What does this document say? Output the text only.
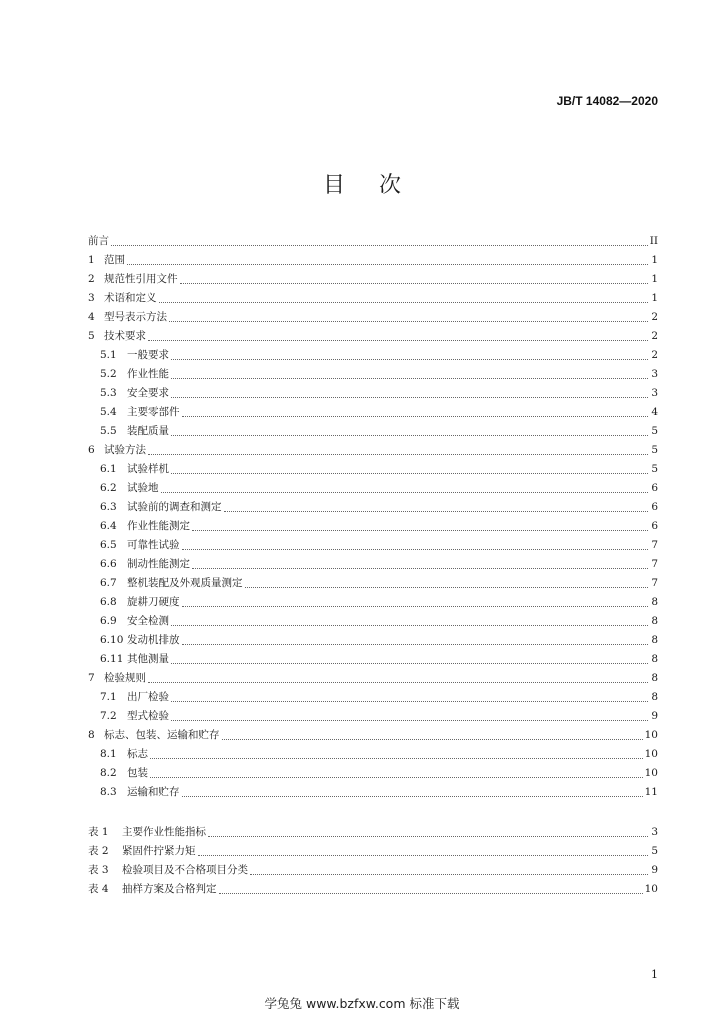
JB/T 14082—2020
目 次
前言	II
1 范围	1
2 规范性引用文件	1
3 术语和定义	1
4 型号表示方法	2
5 技术要求	2
5.1 一般要求	2
5.2 作业性能	3
5.3 安全要求	3
5.4 主要零部件	4
5.5 装配质量	5
6 试验方法	5
6.1 试验样机	5
6.2 试验地	6
6.3 试验前的调查和测定	6
6.4 作业性能测定	6
6.5 可靠性试验	7
6.6 制动性能测定	7
6.7 整机装配及外观质量测定	7
6.8 旋耕刀硬度	8
6.9 安全检测	8
6.10 发动机排放	8
6.11 其他测量	8
7 检验规则	8
7.1 出厂检验	8
7.2 型式检验	9
8 标志、包装、运输和贮存	10
8.1 标志	10
8.2 包装	10
8.3 运输和贮存	11
表 1	主要作业性能指标	3
表 2	紧固件拧紧力矩	5
表 3	检验项目及不合格项目分类	9
表 4	抽样方案及合格判定	10
1
学兔兔 www.bzfxw.com 标准下载
